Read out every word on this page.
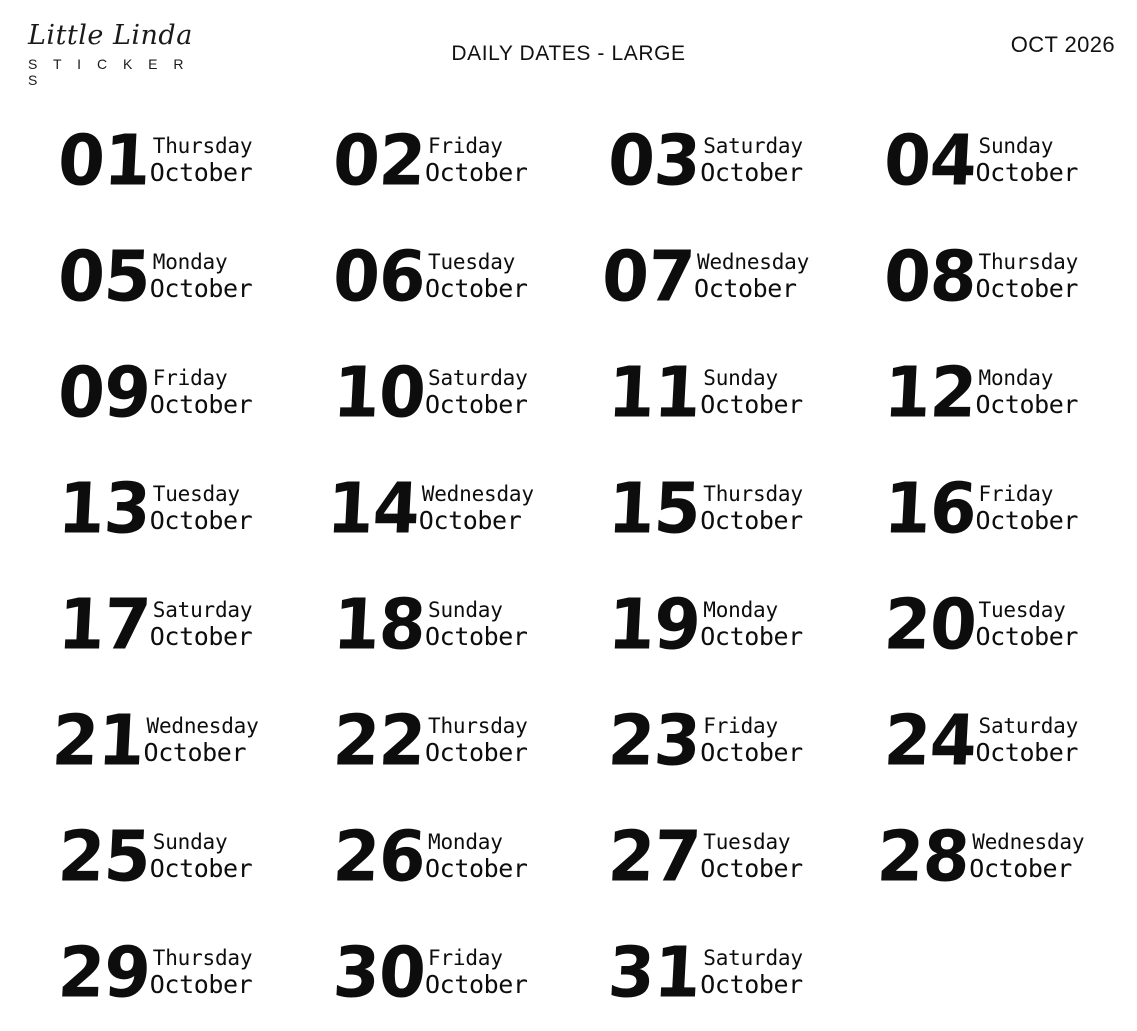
Little Linda
S T I C K E R S
DAILY DATES - LARGE	OCT 2026
01 Thursday
October 02 Friday
October 03 Saturday
October 04 Sunday
October
05 Monday
October 06 Tuesday
October 07 Wednesday
October 08 Thursday
October
09 Friday
October 10 Saturday
October 11 Sunday
October 12 Monday
October
13 Tuesday
October 14 Wednesday
October 15 Thursday
October 16 Friday
October
17 Saturday
October 18 Sunday
October 19 Monday
October 20 Tuesday
October
21 Wednesday
October 22 Thursday
October 23 Friday
October 24 Saturday
October
25 Sunday
October 26 Monday
October 27 Tuesday
October 28 Wednesday
October
29 Thursday
October 30 Friday
October 31 Saturday
October
